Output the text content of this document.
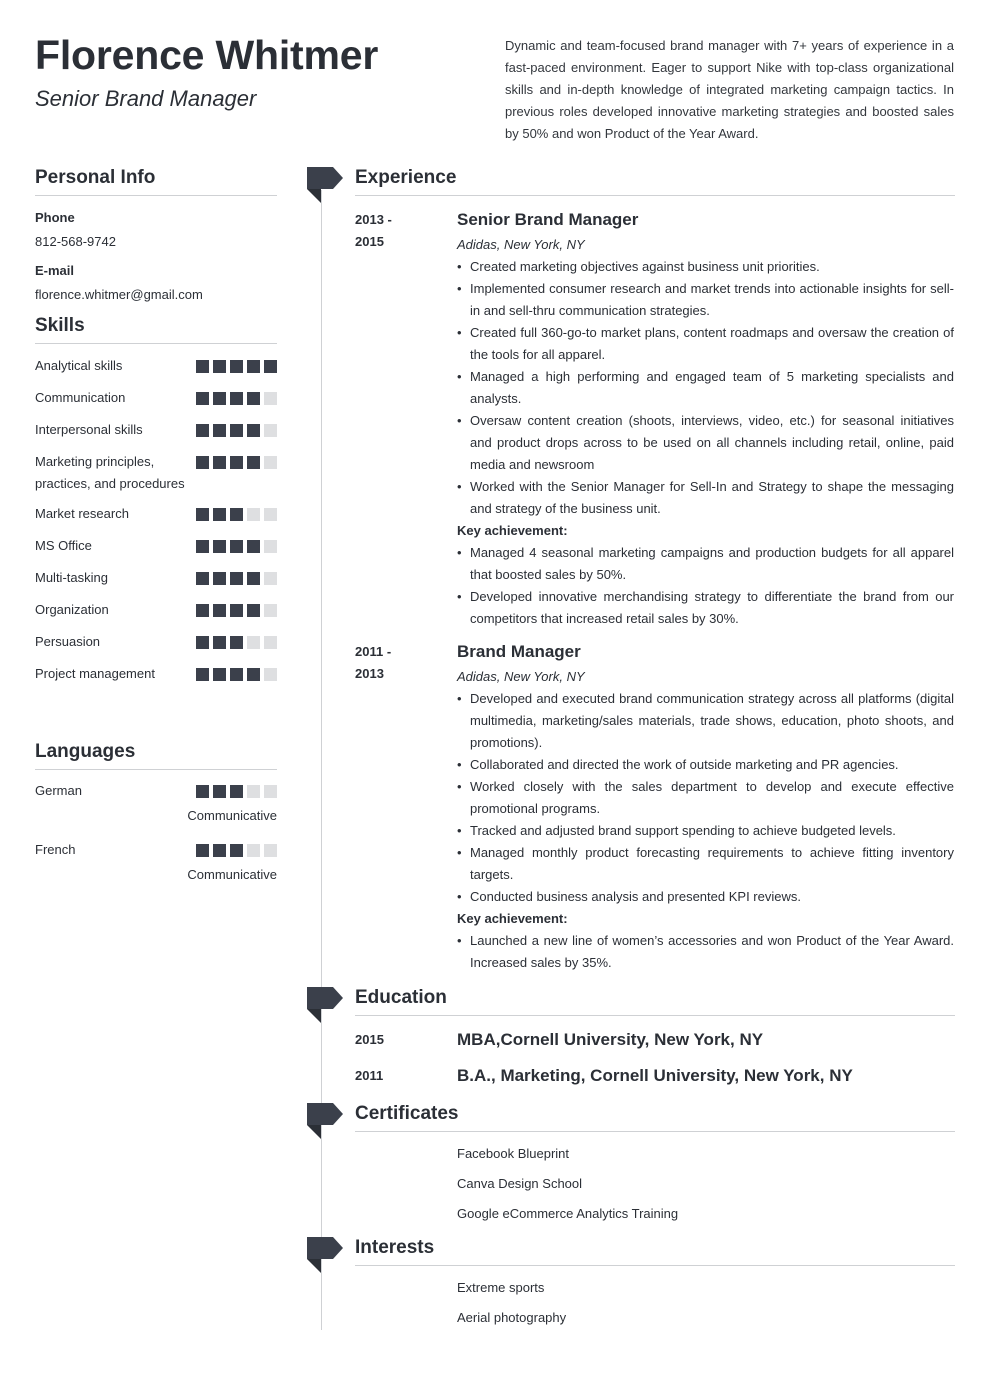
Florence Whitmer
Senior Brand Manager
Dynamic and team-focused brand manager with 7+ years of experience in a fast-paced environment. Eager to support Nike with top-class organizational skills and in-depth knowledge of integrated marketing campaign tactics. In previous roles developed innovative marketing strategies and boosted sales by 50% and won Product of the Year Award.
Personal Info
Phone
812-568-9742
E-mail
florence.whitmer@gmail.com
Skills
Analytical skills
Communication
Interpersonal skills
Marketing principles, practices, and procedures
Market research
MS Office
Multi-tasking
Organization
Persuasion
Project management
Languages
German
Communicative
French
Communicative
Experience
2013 -
2015
Senior Brand Manager
Adidas, New York, NY
• Created marketing objectives against business unit priorities.
• Implemented consumer research and market trends into actionable insights for sell-in and sell-thru communication strategies.
• Created full 360-go-to market plans, content roadmaps and oversaw the creation of the tools for all apparel.
• Managed a high performing and engaged team of 5 marketing specialists and analysts.
• Oversaw content creation (shoots, interviews, video, etc.) for seasonal initiatives and product drops across to be used on all channels including retail, online, paid media and newsroom
• Worked with the Senior Manager for Sell-In and Strategy to shape the messaging and strategy of the business unit.
Key achievement:
• Managed 4 seasonal marketing campaigns and production budgets for all apparel that boosted sales by 50%.
• Developed innovative merchandising strategy to differentiate the brand from our competitors that increased retail sales by 30%.
2011 -
2013
Brand Manager
Adidas, New York, NY
• Developed and executed brand communication strategy across all platforms (digital multimedia, marketing/sales materials, trade shows, education, photo shoots, and promotions).
• Collaborated and directed the work of outside marketing and PR agencies.
• Worked closely with the sales department to develop and execute effective promotional programs.
• Tracked and adjusted brand support spending to achieve budgeted levels.
• Managed monthly product forecasting requirements to achieve fitting inventory targets.
• Conducted business analysis and presented KPI reviews.
Key achievement:
• Launched a new line of women’s accessories and won Product of the Year Award. Increased sales by 35%.
Education
2015	MBA,Cornell University, New York, NY
2011	B.A., Marketing, Cornell University, New York, NY
Certificates
Facebook Blueprint
Canva Design School
Google eCommerce Analytics Training
Interests
Extreme sports
Aerial photography
